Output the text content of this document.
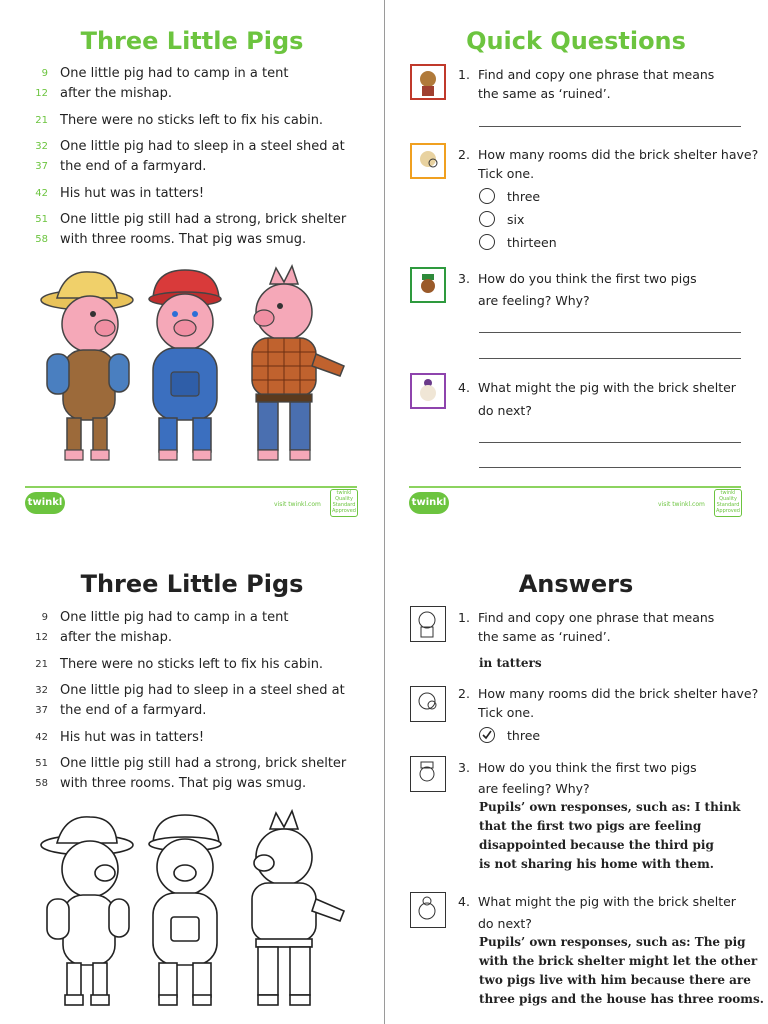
Three Little Pigs
9 One little pig had to camp in a tent
12 after the mishap.
21 There were no sticks left to fix his cabin.
32 One little pig had to sleep in a steel shed at
37 the end of a farmyard.
42 His hut was in tatters!
51 One little pig still had a strong, brick shelter
58 with three rooms. That pig was smug.
twinkl	visit twinkl.com
twinkl Quality Standard Approved
Quick Questions
1. Find and copy one phrase that means
the same as ‘ruined’.
2. How many rooms did the brick shelter have?
Tick one.
three
six
thirteen
3. How do you think the first two pigs
are feeling? Why?
4. What might the pig with the brick shelter
do next?
twinkl	visit twinkl.com
twinkl Quality Standard Approved
Three Little Pigs
9 One little pig had to camp in a tent
12 after the mishap.
21 There were no sticks left to fix his cabin.
32 One little pig had to sleep in a steel shed at
37 the end of a farmyard.
42 His hut was in tatters!
51 One little pig still had a strong, brick shelter
58 with three rooms. That pig was smug.
Answers
1. Find and copy one phrase that means
the same as ‘ruined’.
in tatters
2. How many rooms did the brick shelter have?
Tick one.
three
3. How do you think the first two pigs
are feeling? Why?
Pupils’ own responses, such as: I think
that the first two pigs are feeling
disappointed because the third pig
is not sharing his home with them.
4. What might the pig with the brick shelter
do next?
Pupils’ own responses, such as: The pig
with the brick shelter might let the other
two pigs live with him because there are
three pigs and the house has three rooms.
